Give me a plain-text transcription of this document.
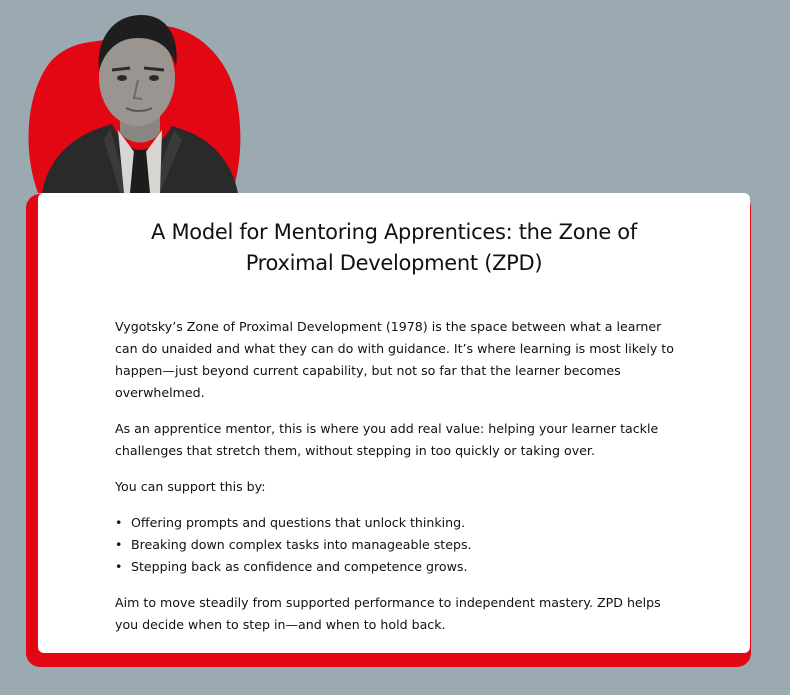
A Model for Mentoring Apprentices: the Zone of Proximal Development (ZPD)

Vygotsky’s Zone of Proximal Development (1978) is the space between what a learner can do unaided and what they can do with guidance. It’s where learning is most likely to happen—just beyond current capability, but not so far that the learner becomes overwhelmed.

As an apprentice mentor, this is where you add real value: helping your learner tackle challenges that stretch them, without stepping in too quickly or taking over.

You can support this by:

• Offering prompts and questions that unlock thinking.
• Breaking down complex tasks into manageable steps.
• Stepping back as confidence and competence grows.

Aim to move steadily from supported performance to independent mastery. ZPD helps you decide when to step in—and when to hold back.
